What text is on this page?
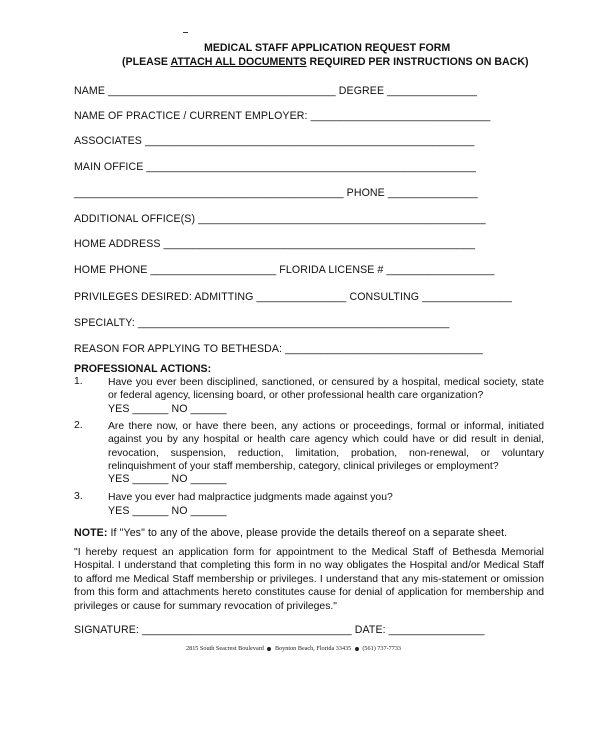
MEDICAL STAFF APPLICATION REQUEST FORM
(PLEASE ATTACH ALL DOCUMENTS REQUIRED PER INSTRUCTIONS ON BACK)
NAME ______________________________________ DEGREE _______________
NAME OF PRACTICE / CURRENT EMPLOYER: ______________________________
ASSOCIATES _______________________________________________________
MAIN OFFICE _______________________________________________________
_____________________________________________ PHONE _______________
ADDITIONAL OFFICE(S) ________________________________________________
HOME ADDRESS ____________________________________________________
HOME PHONE _____________________ FLORIDA LICENSE # __________________
PRIVILEGES DESIRED: ADMITTING _______________ CONSULTING _______________
SPECIALTY: ____________________________________________________
REASON FOR APPLYING TO BETHESDA: _________________________________
PROFESSIONAL ACTIONS:
1. Have you ever been disciplined, sanctioned, or censured by a hospital, medical society, state or federal agency, licensing board, or other professional health care organization?
YES ______ NO ______
2. Are there now, or have there been, any actions or proceedings, formal or informal, initiated against you by any hospital or health care agency which could have or did result in denial, revocation, suspension, reduction, limitation, probation, non-renewal, or voluntary relinquishment of your staff membership, category, clinical privileges or employment?
YES ______ NO ______
3. Have you ever had malpractice judgments made against you?
YES ______ NO ______
NOTE: If "Yes" to any of the above, please provide the details thereof on a separate sheet.
"I hereby request an application form for appointment to the Medical Staff of Bethesda Memorial Hospital. I understand that completing this form in no way obligates the Hospital and/or Medical Staff to afford me Medical Staff membership or privileges. I understand that any mis-statement or omission from this form and attachments hereto constitutes cause for denial of application for membership and privileges or cause for summary revocation of privileges."
SIGNATURE: ___________________________________ DATE: ________________
2815 South Seacrest Boulevard Boynton Beach, Florida 33435 (561) 737-7733
